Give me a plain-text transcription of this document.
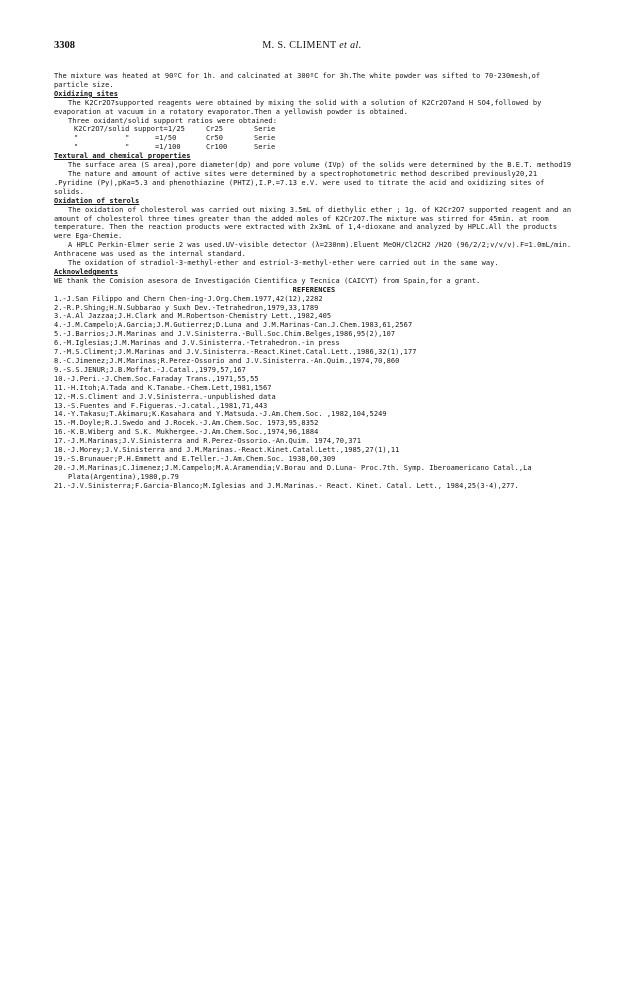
3308	M. S. CLIMENT et al.

The mixture was heated at 90ºC for 1h. and calcinated at 300ºC for 3h.The white powder was sifted to 70-230mesh,of particle size.

Oxidizing sites

The K2Cr2O7supported reagents were obtained by mixing the solid with a solution of K2Cr2O7and H SO4,followed by evaporation at vacuum in a rotatory evaporator.Then a yellowish powder is obtained.

Three oxidant/solid support ratios were obtained:

K2Cr2O7/solid support=1/25	Cr25	Serie
"           "      =1/50	Cr50	Serie
"           "      =1/100	Cr100	Serie

Textural and chemical properties

The surface area (S area),pore diameter(dp) and pore volume (IVp) of the solids were determined by the B.E.T. method19

The nature and amount of active sites were determined by a spectrophotometric method described previously20,21 .Pyridine (Py),pKa=5.3 and phenothiazine (PHTZ),I.P.=7.13 e.V. were used to titrate the acid and oxidizing sites of solids.

Oxidation of sterols

The oxidation of cholesterol was carried out mixing 3.5mL of diethylic ether ; 1g. of K2Cr2O7 supported reagent and an amount of cholesterol three times greater than the added moles of K2Cr2O7.The mixture was stirred for 45min. at room temperature. Then the reaction products were extracted with 2x3mL of 1,4-dioxane and analyzed by HPLC.All the products were Ega-Chemie.

A HPLC Perkin-Elmer serie 2 was used.UV-visible detector (λ=230nm).Eluent MeOH/Cl2CH2 /H2O (96/2/2;v/v/v).F=1.0mL/min. Anthracene was used as the internal standard.

The oxidation of stradiol-3-methyl-ether and estriol-3-methyl-ether were carried out in the same way.

Acknowledgments

WE thank the Comision asesora de Investigación Cientifica y Tecnica (CAICYT) from Spain,for a grant.

REFERENCES

1.-J.San Filippo and Chern Chen-ing-J.Org.Chem.1977,42(12),2282

2.-R.P.Shing;H.N.Subbarao y Suxh Dev.-Tetrahedron,1979,33,1789

3.-A.Al Jazzaa;J.H.Clark and M.Robertson-Chemistry Lett.,1982,405

4.-J.M.Campelo;A.Garcia;J.M.Gutierrez;D.Luna and J.M.Marinas-Can.J.Chem.1983,61,2567

5.-J.Barrios;J.M.Marinas and J.V.Sinisterra.-Bull.Soc.Chim.Belges,1986,95(2),107

6.-M.Iglesias;J.M.Marinas and J.V.Sinisterra.-Tetrahedron.-in press

7.-M.S.Climent;J.M.Marinas and J.V.Sinisterra.-React.Kinet.Catal.Lett.,1986,32(1),177

8.-C.Jimenez;J.M.Marinas;R.Perez-Ossorio and J.V.Sinisterra.-An.Quim.,1974,70,860

9.-S.S.JENUR;J.B.Moffat.-J.Catal.,1979,57,167

10.-J.Peri.-J.Chem.Soc.Faraday Trans.,1971,55,55

11.-H.Itoh;A.Tada and K.Tanabe.-Chem.Lett,1981,1567

12.-M.S.Climent and J.V.Sinisterra.-unpublished data

13.-S.Fuentes and F.Figueras.-J.catal.,1981,71,443

14.-Y.Takasu;T.Akimaru;K.Kasahara and Y.Matsuda.-J.Am.Chem.Soc. ,1982,104,5249

15.-M.Doyle;R.J.Swedo and J.Rocek.-J.Am.Chem.Soc. 1973,95,8352

16.-K.B.Wiberg and S.K. Mukhergee.-J.Am.Chem.Soc.,1974,96,1884

17.-J.M.Marinas;J.V.Sinisterra and R.Perez-Ossorio.-An.Quim. 1974,70,371

18.-J.Morey;J.V.Sinisterra and J.M.Marinas.-React.Kinet.Catal.Lett.,1985,27(1),11

19.-S.Brunauer;P.H.Emmett and E.Teller.-J.Am.Chem.Soc. 1938,60,309

20.-J.M.Marinas;C.Jimenez;J.M.Campelo;M.A.Aramendia;V.Borau and D.Luna- Proc.7th. Symp. Iberoamericano Catal.,La Plata(Argentina),1980,p.79

21.-J.V.Sinisterra;F.Garcia-Blanco;M.Iglesias and J.M.Marinas.- React. Kinet. Catal. Lett., 1984,25(3-4),277.
